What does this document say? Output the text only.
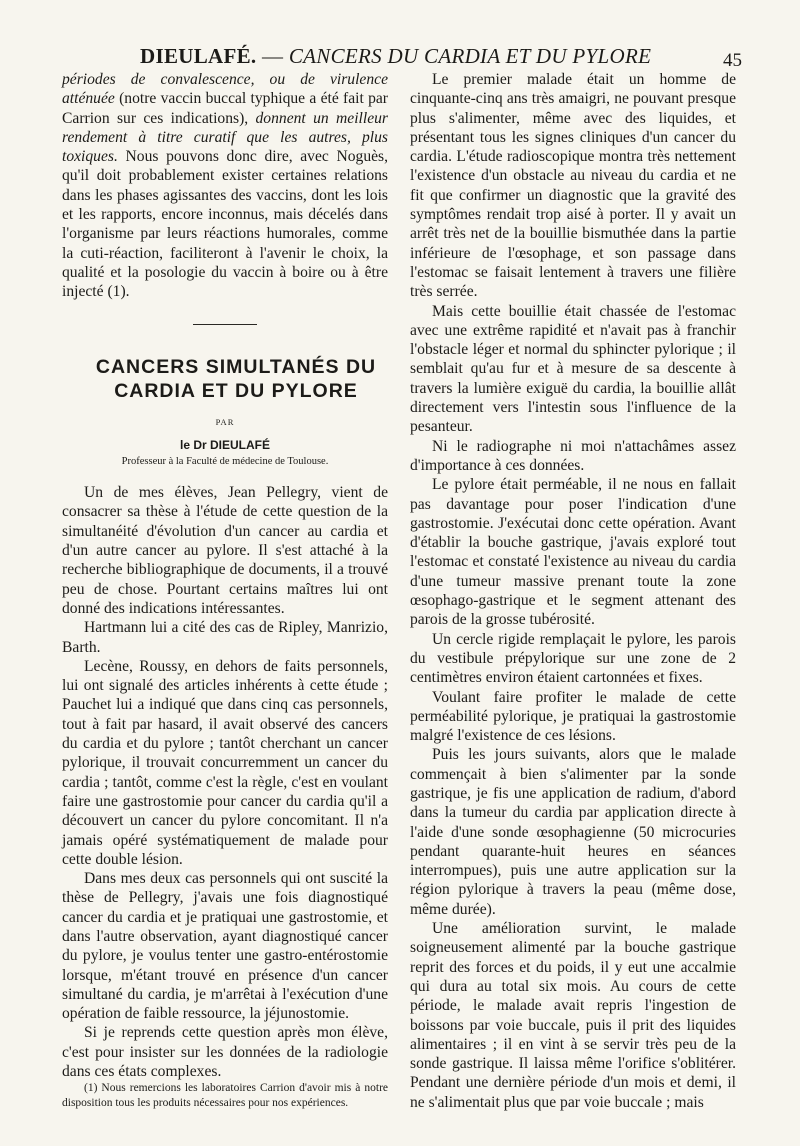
DIEULAFÉ. — CANCERS DU CARDIA ET DU PYLORE	45

périodes de convalescence, ou de virulence atténuée (notre vaccin buccal typhique a été fait par Carrion sur ces indications), donnent un meilleur rendement à titre curatif que les autres, plus toxiques. Nous pouvons donc dire, avec Noguès, qu'il doit probablement exister certaines relations dans les phases agissantes des vaccins, dont les lois et les rapports, encore inconnus, mais décelés dans l'organisme par leurs réactions humorales, comme la cuti-réaction, faciliteront à l'avenir le choix, la qualité et la posologie du vaccin à boire ou à être injecté (1).

CANCERS SIMULTANÉS DU

CARDIA ET DU PYLORE

PAR
le Dr DIEULAFÉ
Professeur à la Faculté de médecine de Toulouse.

Un de mes élèves, Jean Pellegry, vient de consacrer sa thèse à l'étude de cette question de la simultanéité d'évolution d'un cancer au cardia et d'un autre cancer au pylore. Il s'est attaché à la recherche bibliographique de documents, il a trouvé peu de chose. Pourtant certains maîtres lui ont donné des indications intéressantes.

Hartmann lui a cité des cas de Ripley, Manrizio, Barth.

Lecène, Roussy, en dehors de faits personnels, lui ont signalé des articles inhérents à cette étude ; Pauchet lui a indiqué que dans cinq cas personnels, tout à fait par hasard, il avait observé des cancers du cardia et du pylore ; tantôt cherchant un cancer pylorique, il trouvait concurremment un cancer du cardia ; tantôt, comme c'est la règle, c'est en voulant faire une gastrostomie pour cancer du cardia qu'il a découvert un cancer du pylore concomitant. Il n'a jamais opéré systématiquement de malade pour cette double lésion.

Dans mes deux cas personnels qui ont suscité la thèse de Pellegry, j'avais une fois diagnostiqué cancer du cardia et je pratiquai une gastrostomie, et dans l'autre observation, ayant diagnostiqué cancer du pylore, je voulus tenter une gastro-entérostomie lorsque, m'étant trouvé en présence d'un cancer simultané du cardia, je m'arrêtai à l'exécution d'une opération de faible ressource, la jéjunostomie.

Si je reprends cette question après mon élève, c'est pour insister sur les données de la radiologie dans ces états complexes.

(1) Nous remercions les laboratoires Carrion d'avoir mis à notre disposition tous les produits nécessaires pour nos expériences.

Le premier malade était un homme de cinquante-cinq ans très amaigri, ne pouvant presque plus s'alimenter, même avec des liquides, et présentant tous les signes cliniques d'un cancer du cardia. L'étude radioscopique montra très nettement l'existence d'un obstacle au niveau du cardia et ne fit que confirmer un diagnostic que la gravité des symptômes rendait trop aisé à porter. Il y avait un arrêt très net de la bouillie bismuthée dans la partie inférieure de l'œsophage, et son passage dans l'estomac se faisait lentement à travers une filière très serrée.

Mais cette bouillie était chassée de l'estomac avec une extrême rapidité et n'avait pas à franchir l'obstacle léger et normal du sphincter pylorique ; il semblait qu'au fur et à mesure de sa descente à travers la lumière exiguë du cardia, la bouillie allât directement vers l'intestin sous l'influence de la pesanteur.

Ni le radiographe ni moi n'attachâmes assez d'importance à ces données.

Le pylore était perméable, il ne nous en fallait pas davantage pour poser l'indication d'une gastrostomie. J'exécutai donc cette opération. Avant d'établir la bouche gastrique, j'avais exploré tout l'estomac et constaté l'existence au niveau du cardia d'une tumeur massive prenant toute la zone œsophago-gastrique et le segment attenant des parois de la grosse tubérosité.

Un cercle rigide remplaçait le pylore, les parois du vestibule prépylorique sur une zone de 2 centimètres environ étaient cartonnées et fixes.

Voulant faire profiter le malade de cette perméabilité pylorique, je pratiquai la gastrostomie malgré l'existence de ces lésions.

Puis les jours suivants, alors que le malade commençait à bien s'alimenter par la sonde gastrique, je fis une application de radium, d'abord dans la tumeur du cardia par application directe à l'aide d'une sonde œsophagienne (50 microcuries pendant quarante-huit heures en séances interrompues), puis une autre application sur la région pylorique à travers la peau (même dose, même durée).

Une amélioration survint, le malade soigneusement alimenté par la bouche gastrique reprit des forces et du poids, il y eut une accalmie qui dura au total six mois. Au cours de cette période, le malade avait repris l'ingestion de boissons par voie buccale, puis il prit des liquides alimentaires ; il en vint à se servir très peu de la sonde gastrique. Il laissa même l'orifice s'oblitérer. Pendant une dernière période d'un mois et demi, il ne s'alimentait plus que par voie buccale ; mais
